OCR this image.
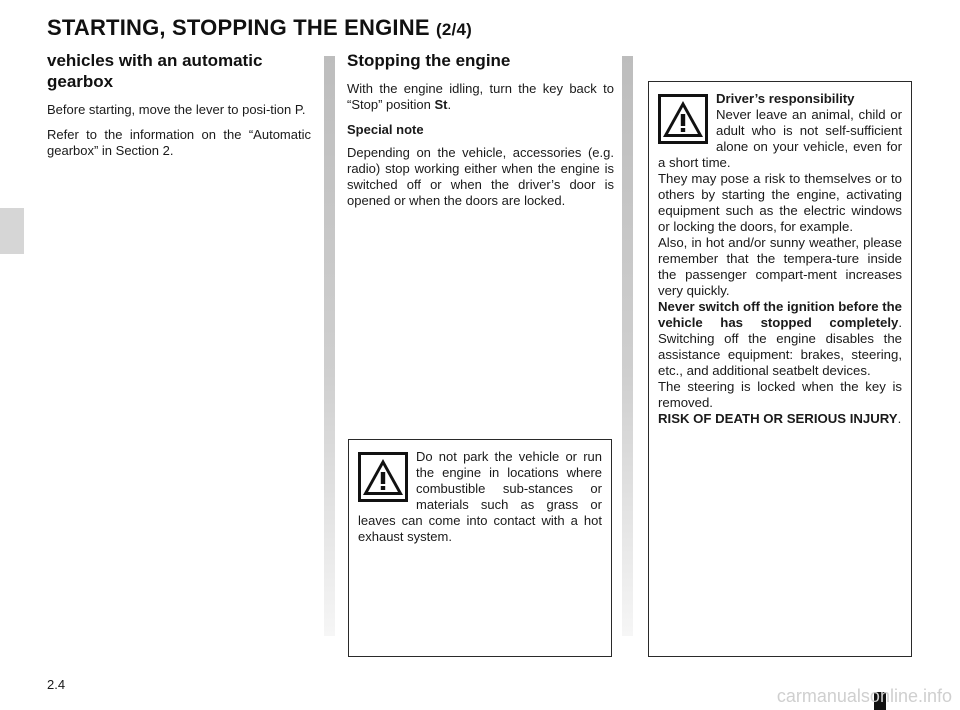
STARTING, STOPPING THE ENGINE (2/4)
vehicles with an automatic gearbox

Before starting, move the lever to posi-tion P.

Refer to the information on the “Automatic gearbox” in Section 2.

Stopping the engine

With the engine idling, turn the key back to “Stop” position St.

Special note

Depending on the vehicle, accessories (e.g. radio) stop working either when the engine is switched off or when the driver’s door is opened or when the doors are locked.

Do not park the vehicle or run the engine in locations where combustible sub-stances or materials such as grass or leaves can come into contact with a hot exhaust system.

Driver’s responsibility

Never leave an animal, child or adult who is not self-sufficient alone on your vehicle, even for a short time.

They may pose a risk to themselves or to others by starting the engine, activating equipment such as the electric windows or locking the doors, for example.

Also, in hot and/or sunny weather, please remember that the tempera-ture inside the passenger compart-ment increases very quickly.

Never switch off the ignition before the vehicle has stopped completely. Switching off the engine disables the assistance equipment: brakes, steering, etc., and additional seatbelt devices.

The steering is locked when the key is removed.

RISK OF DEATH OR SERIOUS INJURY.

2.4

carmanualsonline.info
